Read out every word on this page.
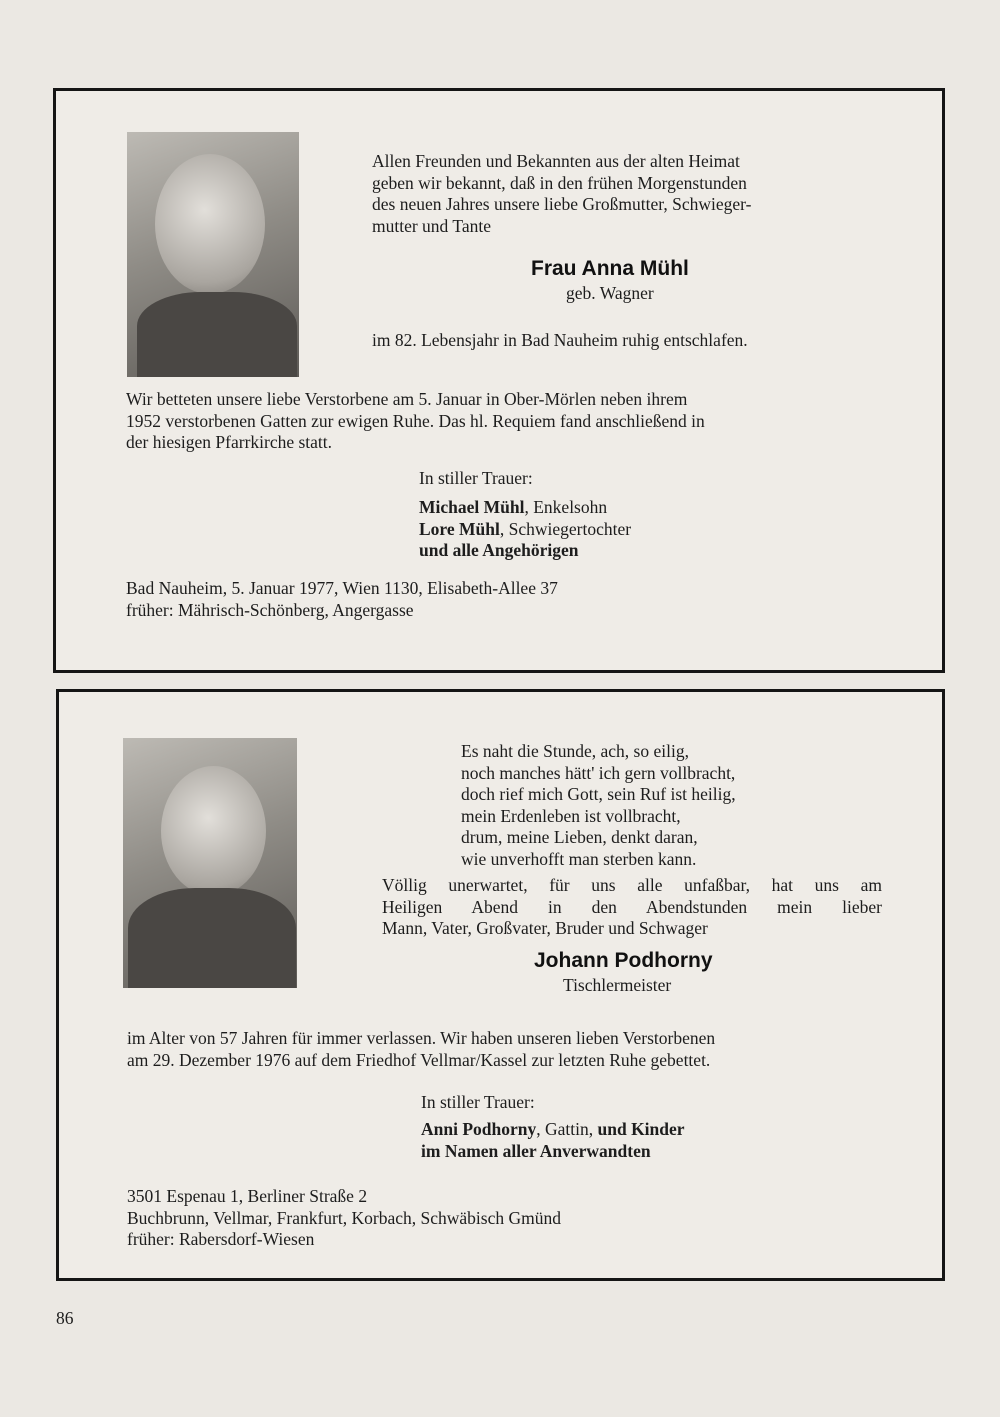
Allen Freunden und Bekannten aus der alten Heimat
geben wir bekannt, daß in den frühen Morgenstunden
des neuen Jahres unsere liebe Großmutter, Schwieger-
mutter und Tante
Frau Anna Mühl
geb. Wagner
im 82. Lebensjahr in Bad Nauheim ruhig entschlafen.
Wir betteten unsere liebe Verstorbene am 5. Januar in Ober-Mörlen neben ihrem
1952 verstorbenen Gatten zur ewigen Ruhe. Das hl. Requiem fand anschließend in
der hiesigen Pfarrkirche statt.
In stiller Trauer:
Michael Mühl, Enkelsohn
Lore Mühl, Schwiegertochter
und alle Angehörigen
Bad Nauheim, 5. Januar 1977, Wien 1130, Elisabeth-Allee 37
früher: Mährisch-Schönberg, Angergasse
Es naht die Stunde, ach, so eilig,
noch manches hätt' ich gern vollbracht,
doch rief mich Gott, sein Ruf ist heilig,
mein Erdenleben ist vollbracht,
drum, meine Lieben, denkt daran,
wie unverhofft man sterben kann.
Völlig unerwartet, für uns alle unfaßbar, hat uns am
Heiligen Abend in den Abendstunden mein lieber
Mann, Vater, Großvater, Bruder und Schwager
Johann Podhorny
Tischlermeister
im Alter von 57 Jahren für immer verlassen. Wir haben unseren lieben Verstorbenen
am 29. Dezember 1976 auf dem Friedhof Vellmar/Kassel zur letzten Ruhe gebettet.
In stiller Trauer:
Anni Podhorny, Gattin, und Kinder
im Namen aller Anverwandten
3501 Espenau 1, Berliner Straße 2
Buchbrunn, Vellmar, Frankfurt, Korbach, Schwäbisch Gmünd
früher: Rabersdorf-Wiesen
86
